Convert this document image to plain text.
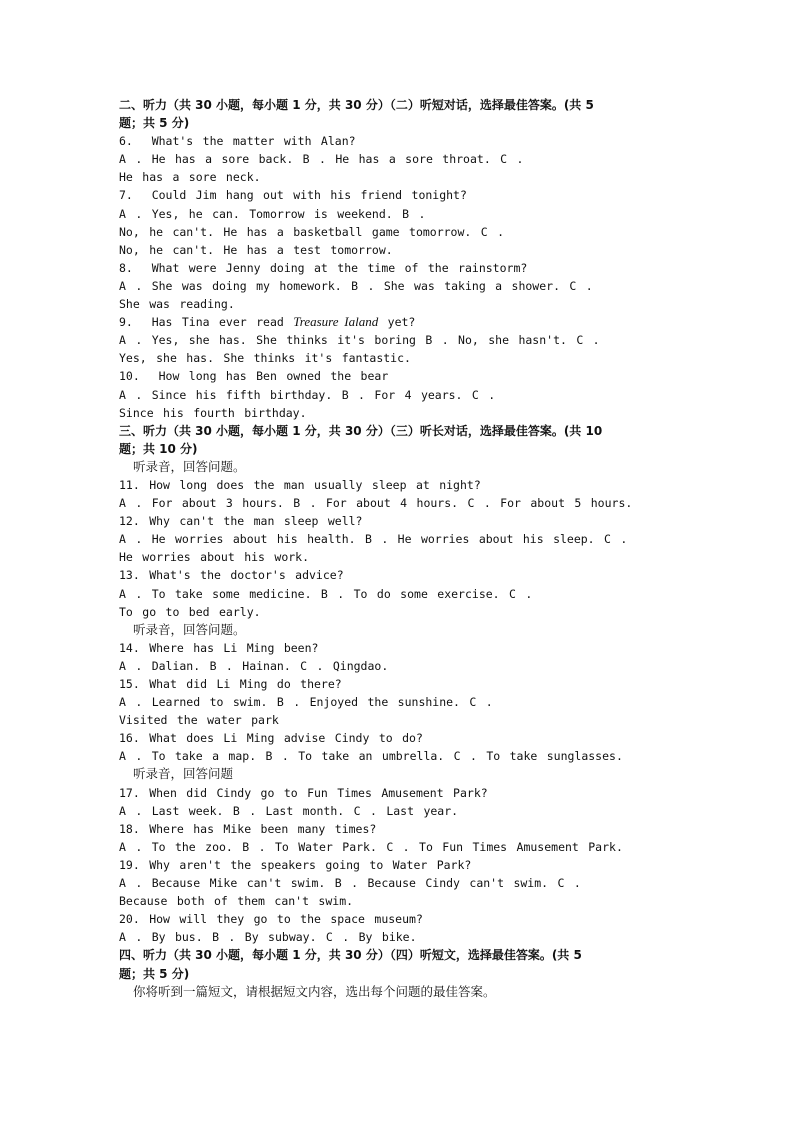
二、听力（共 30 小题，每小题 1 分，共 30 分）（二）听短对话，选择最佳答案。(共 5
题；共 5 分)
6.  What's the matter with Alan?
A . He has a sore back. B . He has a sore throat. C .
He has a sore neck.
7.  Could Jim hang out with his friend tonight?
A . Yes, he can. Tomorrow is weekend. B .
No, he can't. He has a basketball game tomorrow. C .
No, he can't. He has a test tomorrow.
8.  What were Jenny doing at the time of the rainstorm?
A . She was doing my homework. B . She was taking a shower. C .
She was reading.
9.  Has Tina ever read Treasure Ialand yet?
A . Yes, she has. She thinks it's boring B . No, she hasn't. C .
Yes, she has. She thinks it's fantastic.
10.  How long has Ben owned the bear
A . Since his fifth birthday. B . For 4 years. C .
Since his fourth birthday.
三、听力（共 30 小题，每小题 1 分，共 30 分）（三）听长对话，选择最佳答案。(共 10
题；共 10 分)
听录音，回答问题。
11. How long does the man usually sleep at night?
A . For about 3 hours. B . For about 4 hours. C . For about 5 hours.
12. Why can't the man sleep well?
A . He worries about his health. B . He worries about his sleep. C .
He worries about his work.
13. What's the doctor's advice?
A . To take some medicine. B . To do some exercise. C .
To go to bed early.
听录音，回答问题。
14. Where has Li Ming been?
A . Dalian. B . Hainan. C . Qingdao.
15. What did Li Ming do there?
A . Learned to swim. B . Enjoyed the sunshine. C .
Visited the water park
16. What does Li Ming advise Cindy to do?
A . To take a map. B . To take an umbrella. C . To take sunglasses.
听录音，回答问题
17. When did Cindy go to Fun Times Amusement Park?
A . Last week. B . Last month. C . Last year.
18. Where has Mike been many times?
A . To the zoo. B . To Water Park. C . To Fun Times Amusement Park.
19. Why aren't the speakers going to Water Park?
A . Because Mike can't swim. B . Because Cindy can't swim. C .
Because both of them can't swim.
20. How will they go to the space museum?
A . By bus. B . By subway. C . By bike.
四、听力（共 30 小题，每小题 1 分，共 30 分）（四）听短文，选择最佳答案。(共 5
题；共 5 分)
你将听到一篇短文，请根据短文内容，选出每个问题的最佳答案。
